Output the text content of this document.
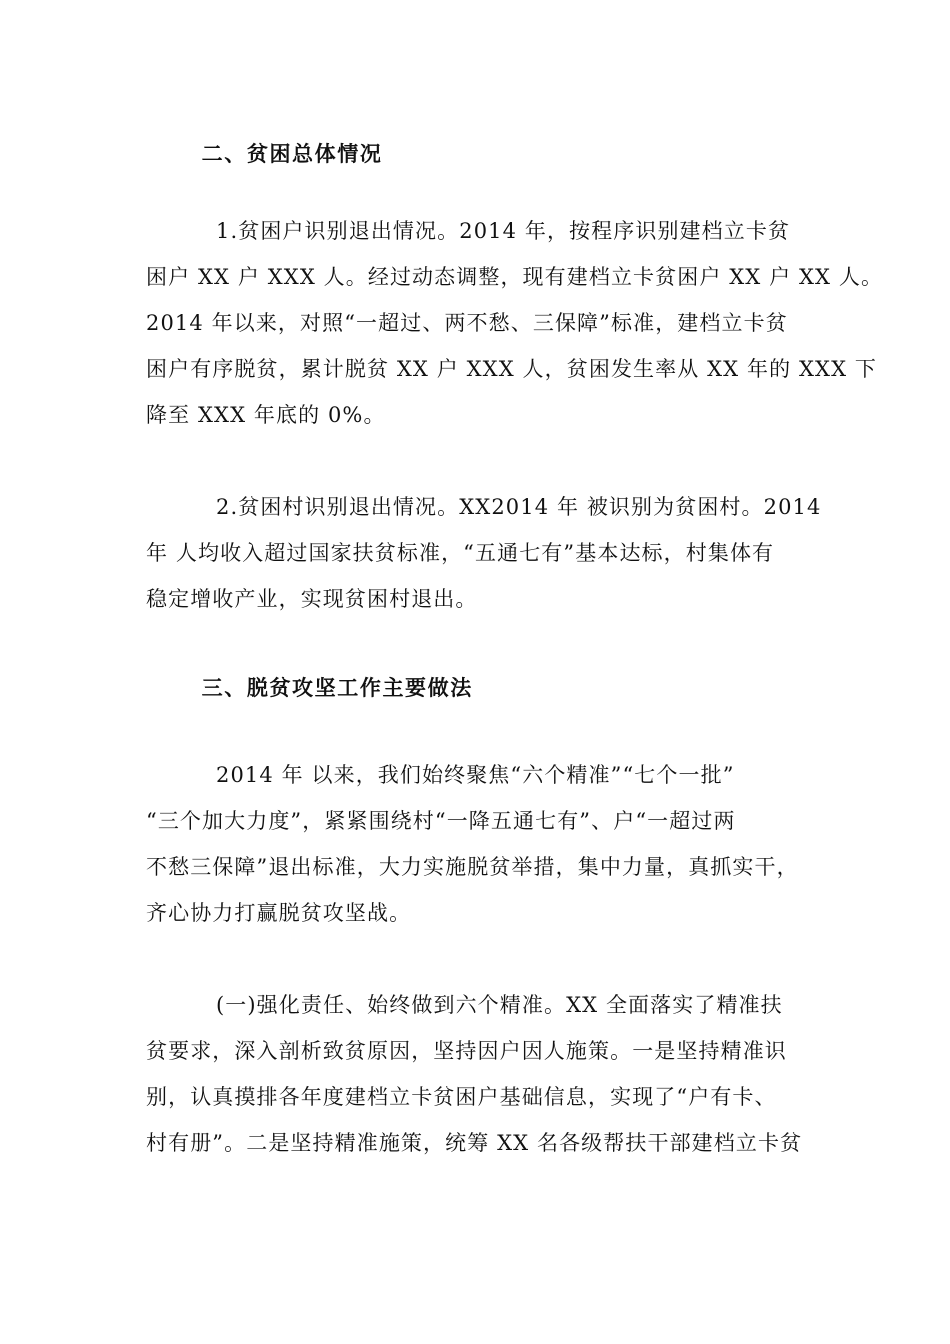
二、贫困总体情况

1.贫困户识别退出情况。2014 年，按程序识别建档立卡贫
困户 XX 户 XXX 人。经过动态调整，现有建档立卡贫困户 XX 户 XX 人。
2014 年以来，对照“一超过、两不愁、三保障”标准，建档立卡贫
困户有序脱贫，累计脱贫 XX 户 XXX 人，贫困发生率从 XX 年的 XXX 下
降至 XXX 年底的 0%。

2.贫困村识别退出情况。XX2014 年 被识别为贫困村。2014
年 人均收入超过国家扶贫标准，“五通七有”基本达标，村集体有
稳定增收产业，实现贫困村退出。

三、脱贫攻坚工作主要做法

2014 年 以来，我们始终聚焦“六个精准”“七个一批”
“三个加大力度”，紧紧围绕村“一降五通七有”、户“一超过两
不愁三保障”退出标准，大力实施脱贫举措，集中力量，真抓实干，
齐心协力打赢脱贫攻坚战。

(一)强化责任、始终做到六个精准。XX 全面落实了精准扶
贫要求，深入剖析致贫原因，坚持因户因人施策。一是坚持精准识
别，认真摸排各年度建档立卡贫困户基础信息，实现了“户有卡、
村有册”。二是坚持精准施策，统筹 XX 名各级帮扶干部建档立卡贫
